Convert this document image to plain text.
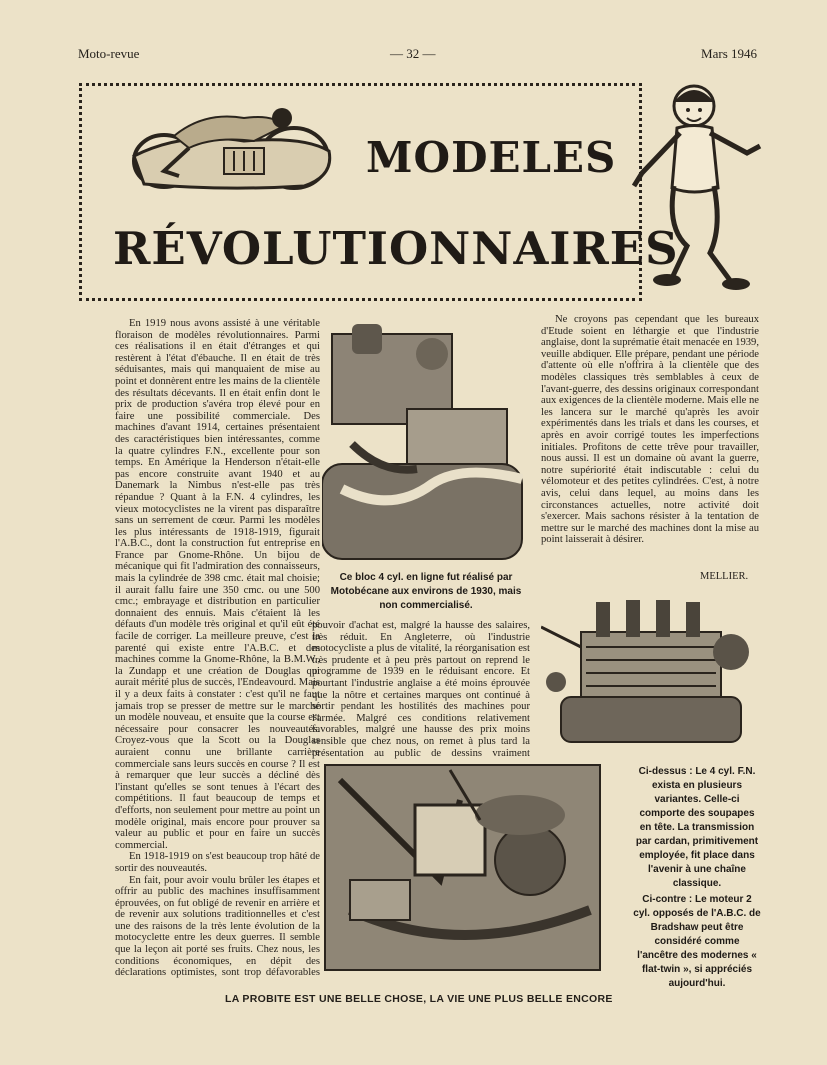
Moto-revue	— 32 —	Mars 1946
MODELES
RÉVOLUTIONNAIRES

En 1919 nous avons assisté à une véritable floraison de modèles révolutionnaires. Parmi ces réalisations il en était d'étranges et qui restèrent à l'état d'ébauche. Il en était de très séduisantes, mais qui manquaient de mise au point et donnèrent entre les mains de la clientèle des résultats décevants. Il en était enfin dont le prix de production s'avéra trop élevé pour en faire une possibilité commerciale. Des machines d'avant 1914, certaines présentaient des caractéristiques bien intéressantes, comme la quatre cylindres F.N., excellente pour son temps. En Amérique la Henderson n'était-elle pas encore construite avant 1940 et au Danemark la Nimbus n'est-elle pas très répandue ? Quant à la F.N. 4 cylindres, les vieux motocyclistes ne la virent pas disparaître sans un serrement de cœur. Parmi les modèles les plus intéressants de 1918-1919, figurait l'A.B.C., dont la construction fut entreprise en France par Gnome-Rhône. Un bijou de mécanique qui fit l'admiration des connaisseurs, mais la cylindrée de 398 cmc. était mal choisie; il aurait fallu faire une 350 cmc. ou une 500 cmc.; embrayage et distribution en particulier donnaient des ennuis. Mais c'étaient là les défauts d'un modèle très original et qu'il eût été facile de corriger. La meilleure preuve, c'est la parenté qui existe entre l'A.B.C. et des machines comme la Gnome-Rhône, la B.M.W., la Zundapp et une création de Douglas qui aurait mérité plus de succès, l'Endeavourd. Mais il y a deux faits à constater : c'est qu'il ne faut jamais trop se presser de mettre sur le marché un modèle nouveau, et ensuite que la course est nécessaire pour consacrer les nouveautés. Croyez-vous que la Scott ou la Douglas auraient connu une brillante carrière commerciale sans leurs succès en course ? Il est à remarquer que leur succès a décliné dès l'instant qu'elles se sont tenues à l'écart des compétitions. Il faut beaucoup de temps et d'efforts, non seulement pour mettre au point un modèle original, mais encore pour prouver sa valeur au public et pour en faire un succès commercial.

En 1918-1919 on s'est beaucoup trop hâté de sortir des nouveautés.

En fait, pour avoir voulu brûler les étapes et offrir au public des machines insuffisamment éprouvées, on fut obligé de revenir en arrière et de revenir aux solutions traditionnelles et c'est une des raisons de la très lente évolution de la motocyclette entre les deux guerres. Il semble que la leçon ait porté ses fruits. Chez nous, les conditions économiques, en dépit des déclarations optimistes, sont trop défavorables

Ce bloc 4 cyl. en ligne fut réalisé par Motobécane aux environs de 1930, mais non commercialisé.

pouvoir d'achat est, malgré la hausse des salaires, très réduit. En Angleterre, où l'industrie motocycliste a plus de vitalité, la réorganisation est très prudente et à peu près partout on reprend le programme de 1939 en le réduisant encore. Et pourtant l'industrie anglaise a été moins éprouvée que la nôtre et certaines marques ont continué à sortir pendant les hostilités des machines pour l'armée. Malgré ces conditions relativement favorables, malgré une hausse des prix moins sensible que chez nous, on remet à plus tard la présentation au public de dessins vraiment

Ne croyons pas cependant que les bureaux d'Etude soient en léthargie et que l'industrie anglaise, dont la suprématie était menacée en 1939, veuille abdiquer. Elle prépare, pendant une période d'attente où elle n'offrira à la clientèle que des modèles classiques très semblables à ceux de l'avant-guerre, des dessins originaux correspondant aux exigences de la clientèle moderne. Mais elle ne les lancera sur le marché qu'après les avoir expérimentés dans les trials et dans les courses, et après en avoir corrigé toutes les imperfections initiales. Profitons de cette trêve pour travailler, nous aussi. Il est un domaine où avant la guerre, notre supériorité était indiscutable : celui du vélomoteur et des petites cylindrées. C'est, à notre avis, celui dans lequel, au moins dans les circonstances actuelles, notre activité doit s'exercer. Mais sachons résister à la tentation de mettre sur le marché des machines dont la mise au point laisserait à désirer.

MELLIER.
Ci-dessus : Le 4 cyl. F.N. exista en plusieurs variantes. Celle-ci comporte des soupapes en tête. La transmission par cardan, primitivement employée, fit place dans l'avenir à une chaîne classique.
Ci-contre : Le moteur 2 cyl. opposés de l'A.B.C. de Bradshaw peut être considéré comme l'ancêtre des modernes « flat-twin », si appréciés aujourd'hui.
LA PROBITE EST UNE BELLE CHOSE, LA VIE UNE PLUS BELLE ENCORE
